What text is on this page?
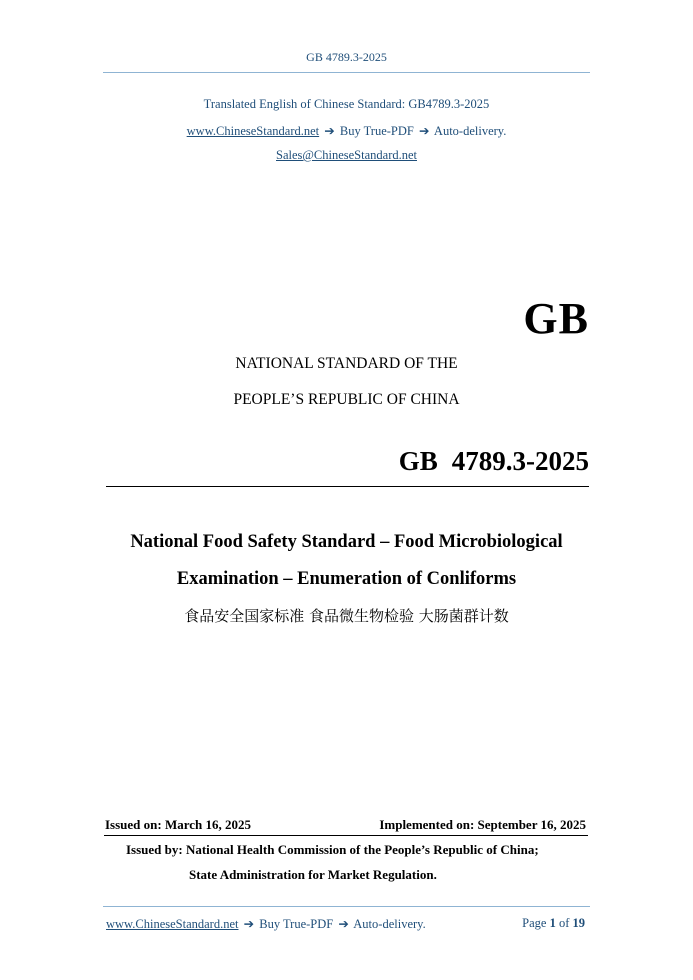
GB 4789.3-2025
Translated English of Chinese Standard: GB4789.3-2025
www.ChineseStandard.net ➔ Buy True-PDF ➔ Auto-delivery.
Sales@ChineseStandard.net
GB
NATIONAL STANDARD OF THE
PEOPLE’S REPUBLIC OF CHINA
GB 4789.3-2025
National Food Safety Standard – Food Microbiological
Examination – Enumeration of Conliforms
食品安全国家标准 食品微生物检验 大肠菌群计数
Issued on: March 16, 2025	Implemented on: September 16, 2025
Issued by: National Health Commission of the People’s Republic of China;
State Administration for Market Regulation.
www.ChineseStandard.net ➔ Buy True-PDF ➔ Auto-delivery.	Page 1 of 19
